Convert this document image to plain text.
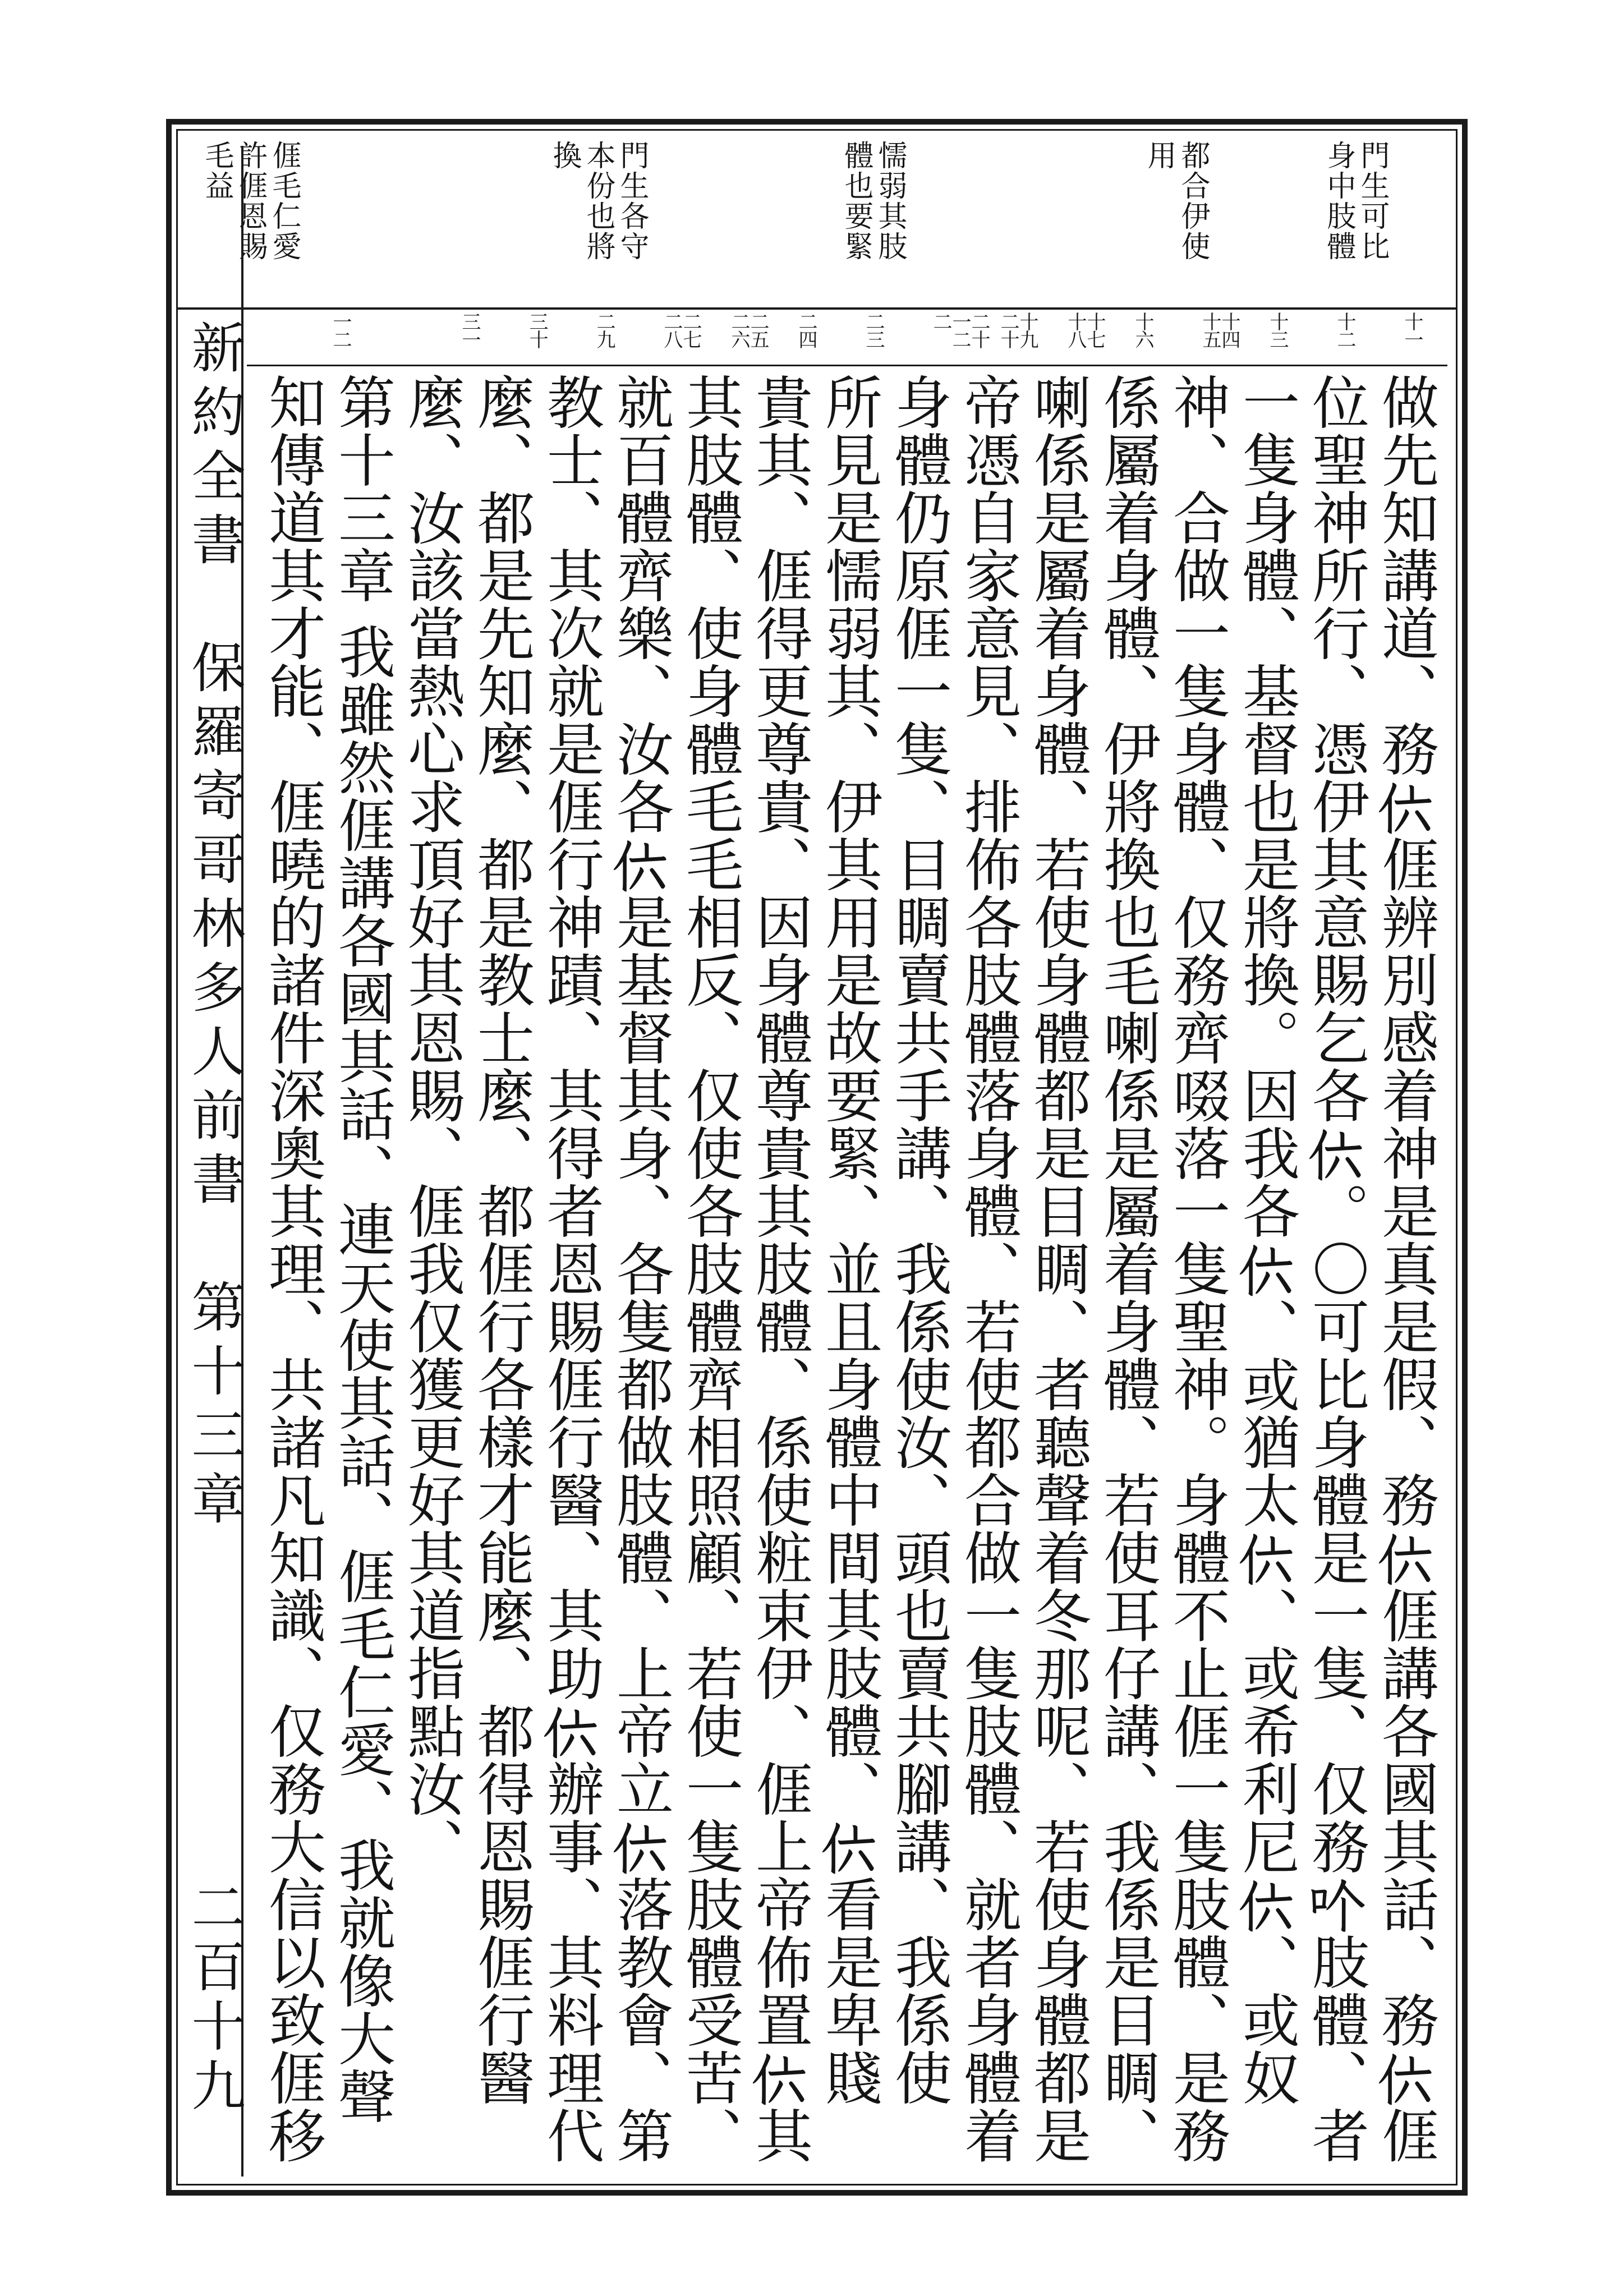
門生可比
身中肢體
都合伊使
用
懦弱其肢
體也要緊
門生各守
本份也將
換
𠊎毛仁愛
許𠊎恩賜
毛益
十一
十二
十三
十四十五
十六
十七十八
十九二十
二十一二二
二三
二四
二五二六
二七二八
二九
三十
三一
一二
做先知講道、務𠆾𠊎辨別感着神是真是假、務𠆾𠊎講各國其話、務𠆾𠊎
位聖神所行、憑伊其意賜乞各𠆾。〇可比身體是一隻、仅務𠮶肢體、者
一隻身體、基督也是將換。因我各𠆾、或猶太𠆾、或希利尼𠆾、或奴
神、合做一隻身體、仅務齊啜落一隻聖神。身體不止𠊎一隻肢體、是務
係屬着身體、伊將換也毛喇係是屬着身體、若使耳仔講、我係是目睭、
喇係是屬着身體、若使身體都是目睭、者聽聲着冬那呢、若使身體都是
帝憑自家意見、排佈各肢體落身體、若使都合做一隻肢體、就者身體着
身體仍原𠊎一隻、目睭賣共手講、我係使汝、頭也賣共腳講、我係使
所見是懦弱其、伊其用是故要緊、並且身體中間其肢體、𠆾看是卑賤
貴其、𠊎得更尊貴、因身體尊貴其肢體、係使粧束伊、𠊎上帝佈置𠆾其
其肢體、使身體毛毛相反、仅使各肢體齊相照顧、若使一隻肢體受苦、
就百體齊樂、汝各𠆾是基督其身、各隻都做肢體、上帝立𠆾落教會、第
教士、其次就是𠊎行神蹟、其得者恩賜𠊎行醫、其助𠆾辦事、其料理代
麼、都是先知麼、都是教士麼、都𠊎行各樣才能麼、都得恩賜𠊎行醫
麼、汝該當熱心求頂好其恩賜、𠊎我仅獲更好其道指點汝、
第十三章 我雖然𠊎講各國其話、連天使其話、𠊎毛仁愛、我就像大聲
知傳道其才能、𠊎曉的諸件深奧其理、共諸凡知識、仅務大信以致𠊎移
新約全書　保羅寄哥林多人前書　第十三章
二百十九
